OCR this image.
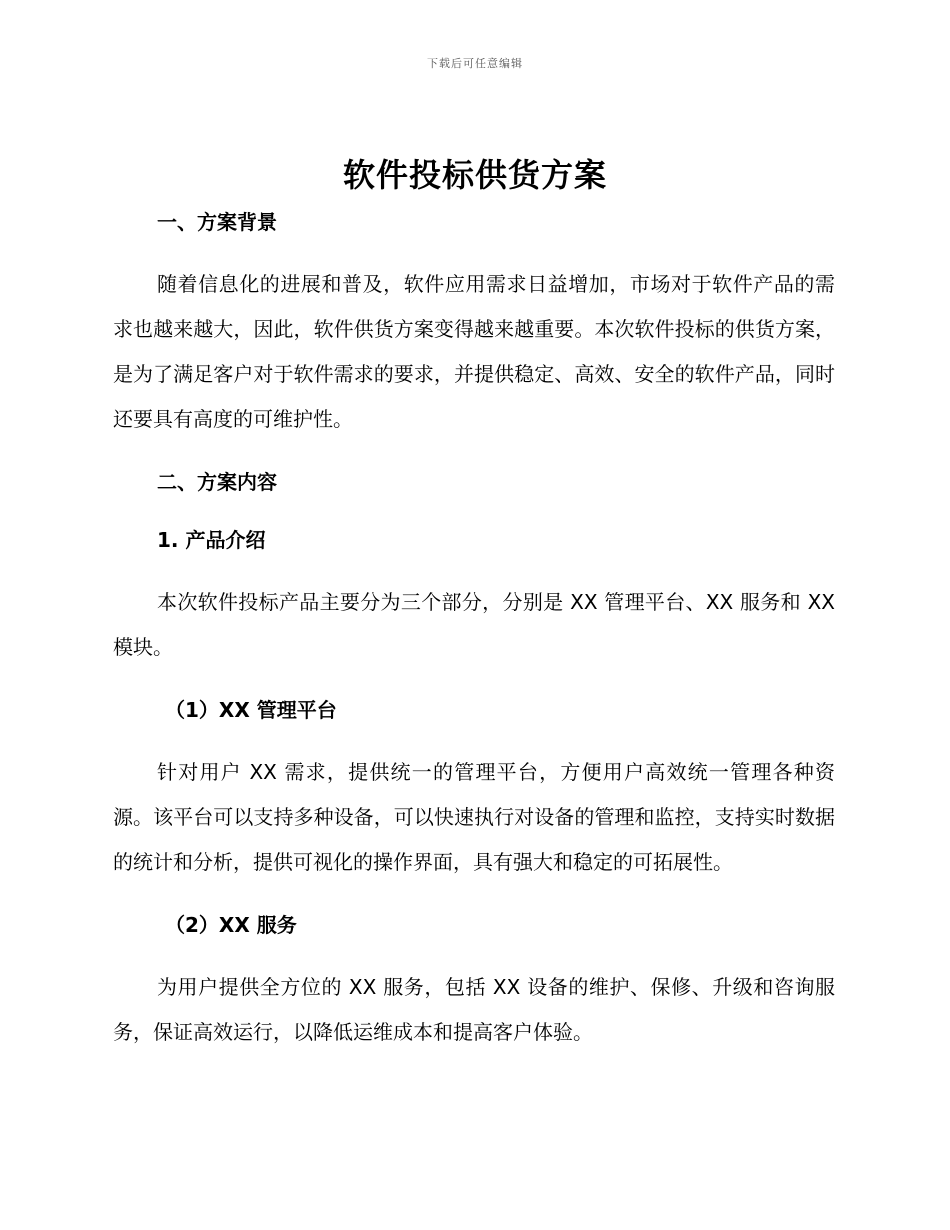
下载后可任意编辑
软件投标供货方案
一、方案背景

随着信息化的进展和普及，软件应用需求日益增加，市场对于软件产品的需求也越来越大，因此，软件供货方案变得越来越重要。本次软件投标的供货方案，是为了满足客户对于软件需求的要求，并提供稳定、高效、安全的软件产品，同时还要具有高度的可维护性。

二、方案内容
1. 产品介绍

本次软件投标产品主要分为三个部分，分别是 XX 管理平台、XX 服务和 XX 模块。

（1）XX 管理平台

针对用户 XX 需求，提供统一的管理平台，方便用户高效统一管理各种资源。该平台可以支持多种设备，可以快速执行对设备的管理和监控，支持实时数据的统计和分析，提供可视化的操作界面，具有强大和稳定的可拓展性。

（2）XX 服务

为用户提供全方位的 XX 服务，包括 XX 设备的维护、保修、升级和咨询服务，保证高效运行，以降低运维成本和提高客户体验。
